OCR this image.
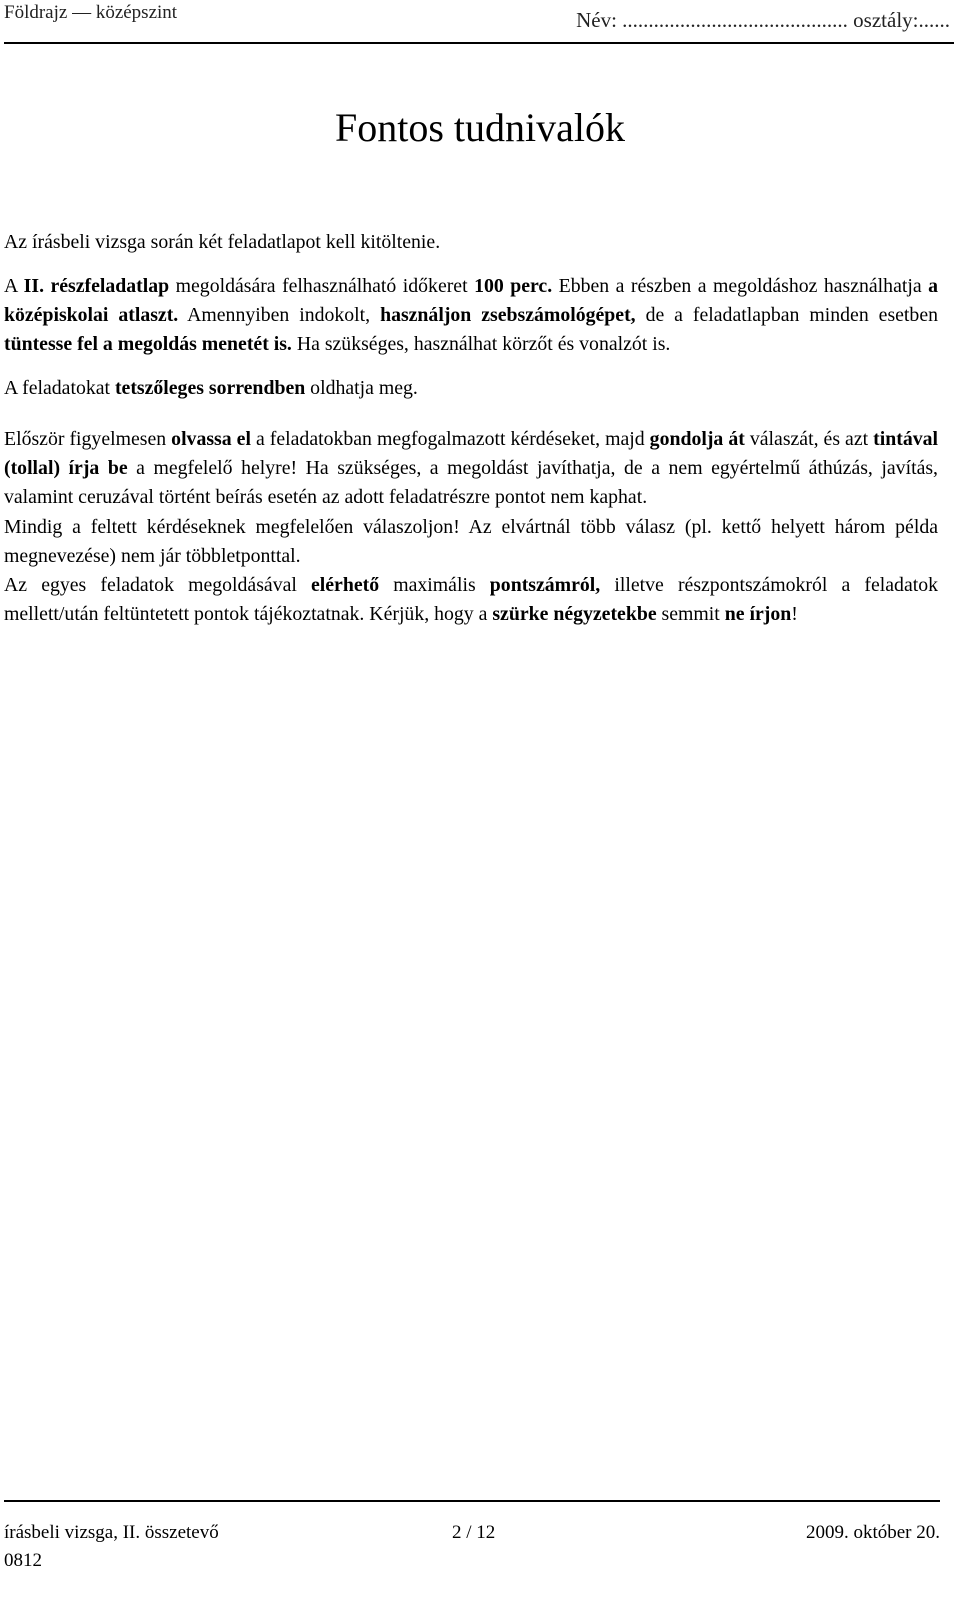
Földrajz — középszint	Név: ........................................... osztály:......
Fontos tudnivalók

Az írásbeli vizsga során két feladatlapot kell kitöltenie.

A II. részfeladatlap megoldására felhasználható időkeret 100 perc. Ebben a részben a megoldáshoz használhatja a középiskolai atlaszt. Amennyiben indokolt, használjon zsebszámológépet, de a feladatlapban minden esetben tüntesse fel a megoldás menetét is. Ha szükséges, használhat körzőt és vonalzót is.

A feladatokat tetszőleges sorrendben oldhatja meg.

Először figyelmesen olvassa el a feladatokban megfogalmazott kérdéseket, majd gondolja át válaszát, és azt tintával (tollal) írja be a megfelelő helyre! Ha szükséges, a megoldást javíthatja, de a nem egyértelmű áthúzás, javítás, valamint ceruzával történt beírás esetén az adott feladatrészre pontot nem kaphat.

Mindig a feltett kérdéseknek megfelelően válaszoljon! Az elvártnál több válasz (pl. kettő helyett három példa megnevezése) nem jár többletponttal.

Az egyes feladatok megoldásával elérhető maximális pontszámról, illetve részpontszámokról a feladatok mellett/után feltüntetett pontok tájékoztatnak. Kérjük, hogy a szürke négyzetekbe semmit ne írjon!

írásbeli vizsga, II. összetevő	2 / 12	2009. október 20.
0812
